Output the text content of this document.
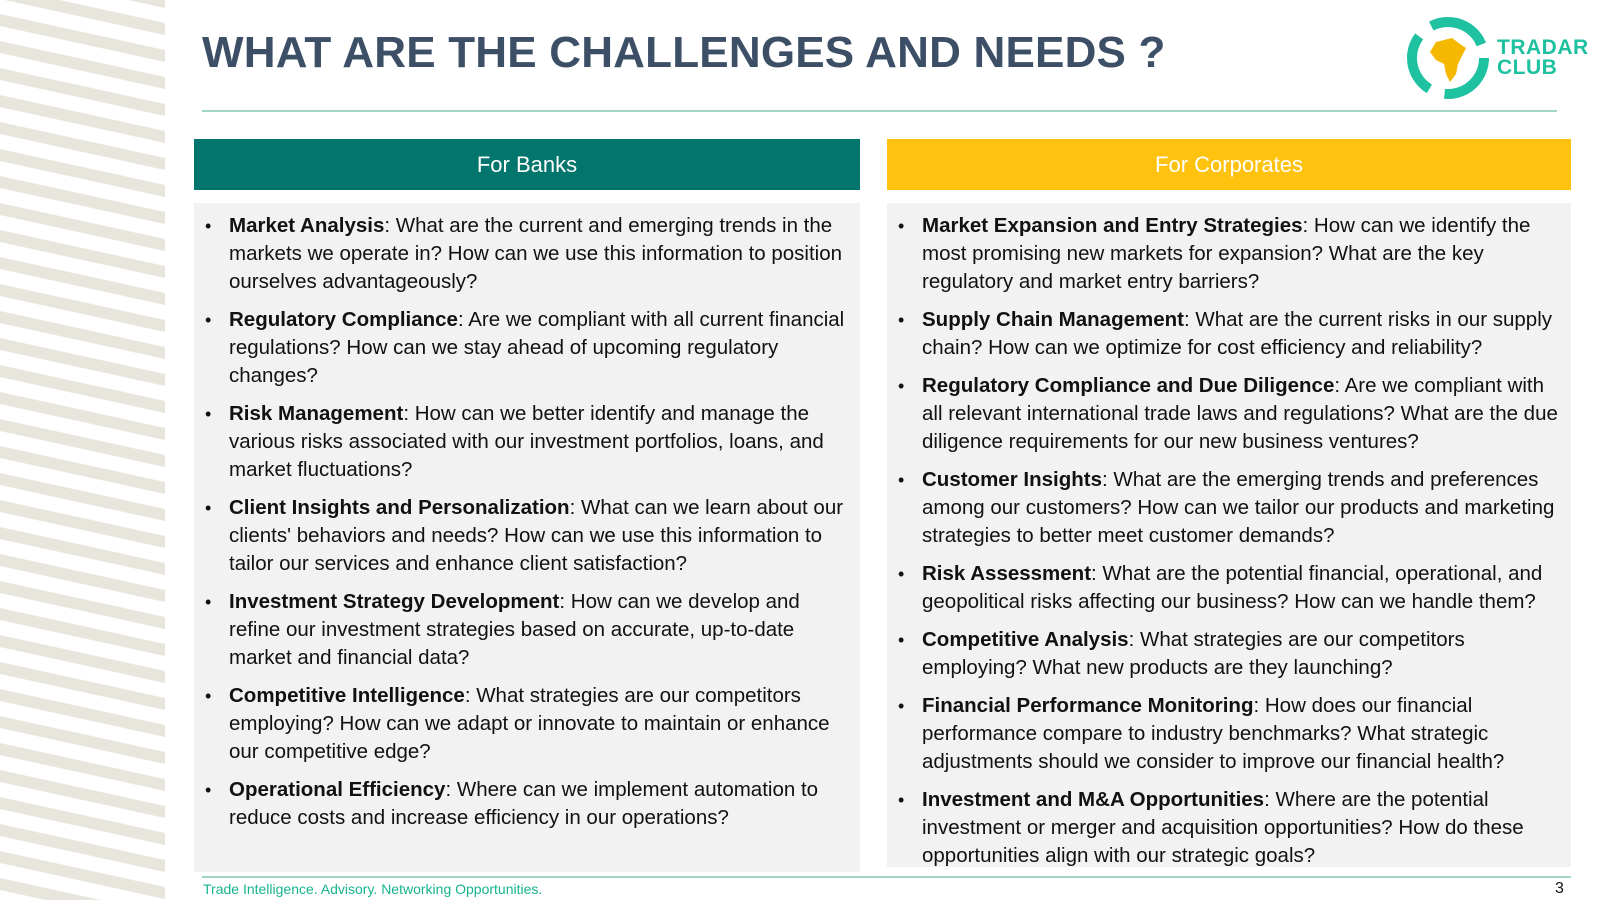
WHAT ARE THE CHALLENGES AND NEEDS ?	TRADAR
CLUB
For Banks
• Market Analysis: What are the current and emerging trends in the markets we operate in? How can we use this information to position ourselves advantageously?
• Regulatory Compliance: Are we compliant with all current financial regulations? How can we stay ahead of upcoming regulatory changes?
• Risk Management: How can we better identify and manage the various risks associated with our investment portfolios, loans, and market fluctuations?
• Client Insights and Personalization: What can we learn about our clients' behaviors and needs? How can we use this information to tailor our services and enhance client satisfaction?
• Investment Strategy Development: How can we develop and refine our investment strategies based on accurate, up-to-date market and financial data?
• Competitive Intelligence: What strategies are our competitors employing? How can we adapt or innovate to maintain or enhance our competitive edge?
• Operational Efficiency: Where can we implement automation to reduce costs and increase efficiency in our operations?
For Corporates
• Market Expansion and Entry Strategies: How can we identify the most promising new markets for expansion? What are the key regulatory and market entry barriers?
• Supply Chain Management: What are the current risks in our supply chain? How can we optimize for cost efficiency and reliability?
• Regulatory Compliance and Due Diligence: Are we compliant with all relevant international trade laws and regulations? What are the due diligence requirements for our new business ventures?
• Customer Insights: What are the emerging trends and preferences among our customers? How can we tailor our products and marketing strategies to better meet customer demands?
• Risk Assessment: What are the potential financial, operational, and geopolitical risks affecting our business? How can we handle them?
• Competitive Analysis: What strategies are our competitors employing? What new products are they launching?
• Financial Performance Monitoring: How does our financial performance compare to industry benchmarks? What strategic adjustments should we consider to improve our financial health?
• Investment and M&A Opportunities: Where are the potential investment or merger and acquisition opportunities? How do these opportunities align with our strategic goals?
Trade Intelligence. Advisory. Networking Opportunities.	3
